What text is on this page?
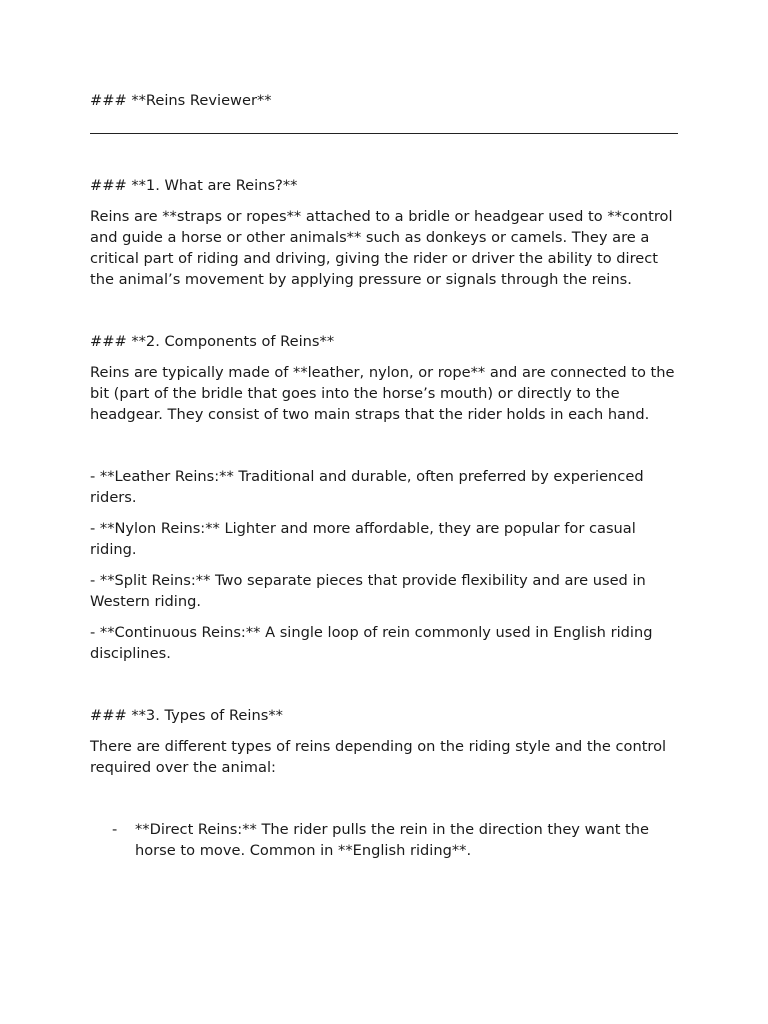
### **Reins Reviewer**

### **1. What are Reins?**

Reins are **straps or ropes** attached to a bridle or headgear used to **control and guide a horse or other animals** such as donkeys or camels. They are a critical part of riding and driving, giving the rider or driver the ability to direct the animal’s movement by applying pressure or signals through the reins.

### **2. Components of Reins**

Reins are typically made of **leather, nylon, or rope** and are connected to the bit (part of the bridle that goes into the horse’s mouth) or directly to the headgear. They consist of two main straps that the rider holds in each hand.

- **Leather Reins:** Traditional and durable, often preferred by experienced riders.
- **Nylon Reins:** Lighter and more affordable, they are popular for casual riding.
- **Split Reins:** Two separate pieces that provide flexibility and are used in Western riding.
- **Continuous Reins:** A single loop of rein commonly used in English riding disciplines.
### **3. Types of Reins**

There are different types of reins depending on the riding style and the control required over the animal:

- **Direct Reins:** The rider pulls the rein in the direction they want the horse to move. Common in **English riding**.
